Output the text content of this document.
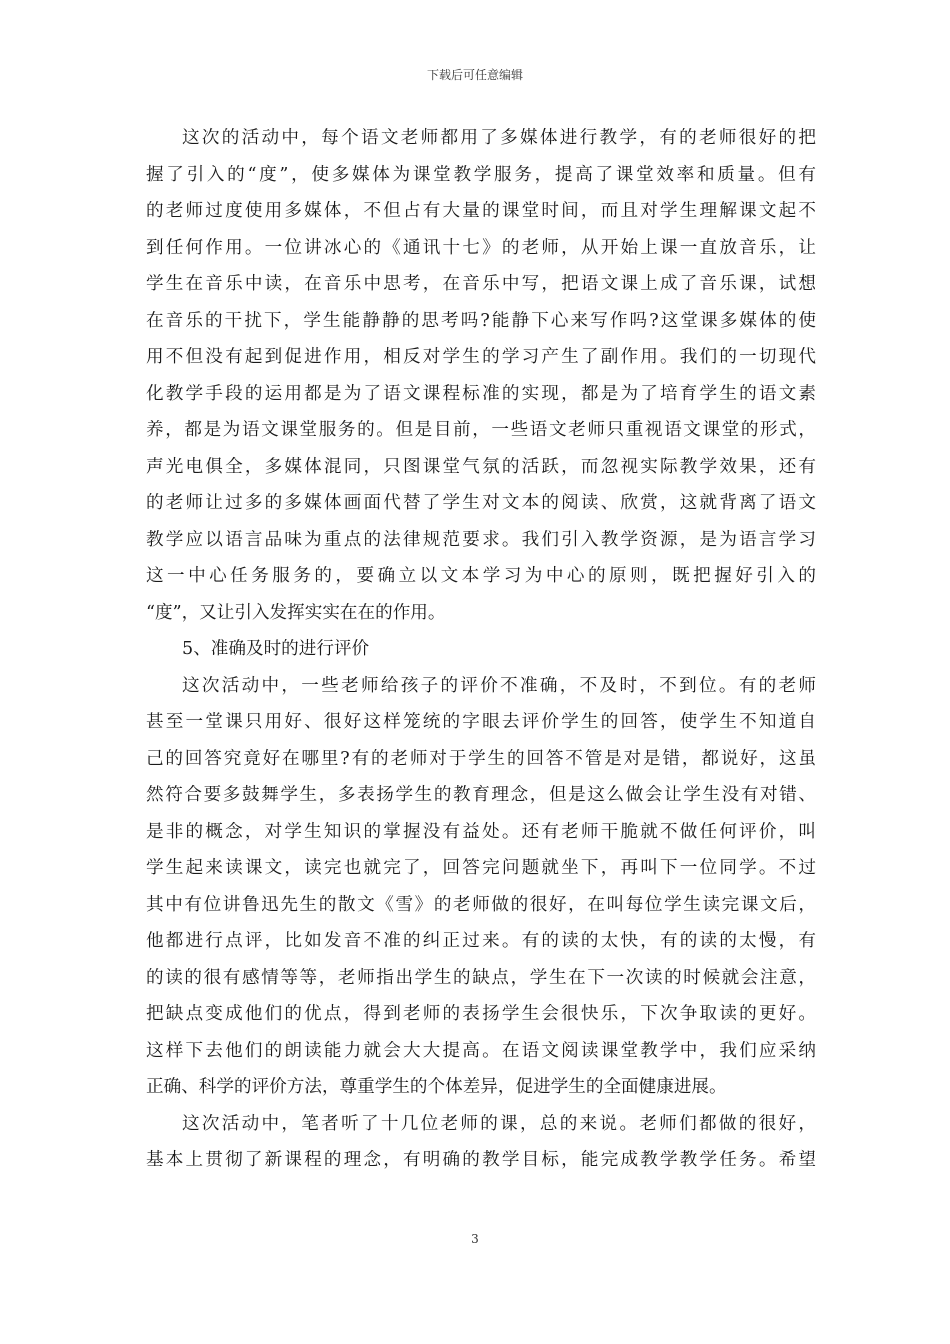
下载后可任意编辑
这次的活动中，每个语文老师都用了多媒体进行教学，有的老师很好的把
握了引入的“度”，使多媒体为课堂教学服务，提高了课堂效率和质量。但有
的老师过度使用多媒体，不但占有大量的课堂时间，而且对学生理解课文起不
到任何作用。一位讲冰心的《通讯十七》的老师，从开始上课一直放音乐，让
学生在音乐中读，在音乐中思考，在音乐中写，把语文课上成了音乐课，试想
在音乐的干扰下，学生能静静的思考吗?能静下心来写作吗?这堂课多媒体的使
用不但没有起到促进作用，相反对学生的学习产生了副作用。我们的一切现代
化教学手段的运用都是为了语文课程标准的实现，都是为了培育学生的语文素
养，都是为语文课堂服务的。但是目前，一些语文老师只重视语文课堂的形式，
声光电俱全，多媒体混同，只图课堂气氛的活跃，而忽视实际教学效果，还有
的老师让过多的多媒体画面代替了学生对文本的阅读、欣赏，这就背离了语文
教学应以语言品味为重点的法律规范要求。我们引入教学资源，是为语言学习
这一中心任务服务的，要确立以文本学习为中心的原则，既把握好引入的
“度”，又让引入发挥实实在在的作用。
5、准确及时的进行评价
这次活动中，一些老师给孩子的评价不准确，不及时，不到位。有的老师
甚至一堂课只用好、很好这样笼统的字眼去评价学生的回答，使学生不知道自
己的回答究竟好在哪里?有的老师对于学生的回答不管是对是错，都说好，这虽
然符合要多鼓舞学生，多表扬学生的教育理念，但是这么做会让学生没有对错、
是非的概念，对学生知识的掌握没有益处。还有老师干脆就不做任何评价，叫
学生起来读课文，读完也就完了，回答完问题就坐下，再叫下一位同学。不过
其中有位讲鲁迅先生的散文《雪》的老师做的很好，在叫每位学生读完课文后，
他都进行点评，比如发音不准的纠正过来。有的读的太快，有的读的太慢，有
的读的很有感情等等，老师指出学生的缺点，学生在下一次读的时候就会注意，
把缺点变成他们的优点，得到老师的表扬学生会很快乐，下次争取读的更好。
这样下去他们的朗读能力就会大大提高。在语文阅读课堂教学中，我们应采纳
正确、科学的评价方法，尊重学生的个体差异，促进学生的全面健康进展。
这次活动中，笔者听了十几位老师的课，总的来说。老师们都做的很好，
基本上贯彻了新课程的理念，有明确的教学目标，能完成教学教学任务。希望
3
